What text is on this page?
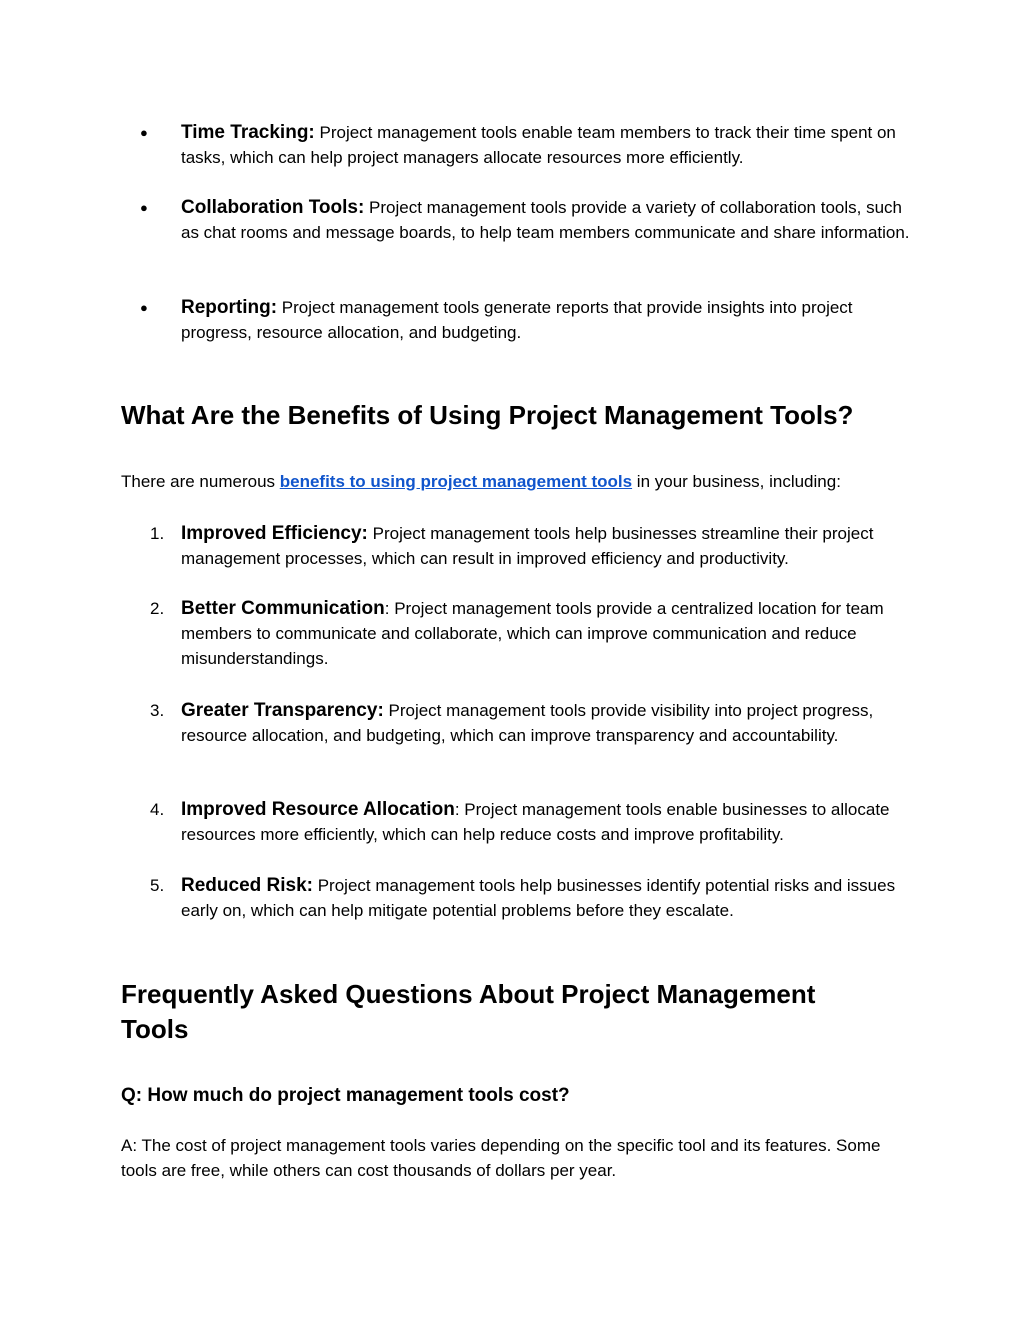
●	Time Tracking: Project management tools enable team members to track their time spent on tasks, which can help project managers allocate resources more efficiently.
●	Collaboration Tools: Project management tools provide a variety of collaboration tools, such as chat rooms and message boards, to help team members communicate and share information.
●	Reporting: Project management tools generate reports that provide insights into project progress, resource allocation, and budgeting.
What Are the Benefits of Using Project Management Tools?

There are numerous benefits to using project management tools in your business, including:

1. Improved Efficiency: Project management tools help businesses streamline their project management processes, which can result in improved efficiency and productivity.
2. Better Communication: Project management tools provide a centralized location for team members to communicate and collaborate, which can improve communication and reduce misunderstandings.
3. Greater Transparency: Project management tools provide visibility into project progress, resource allocation, and budgeting, which can improve transparency and accountability.
4. Improved Resource Allocation: Project management tools enable businesses to allocate resources more efficiently, which can help reduce costs and improve profitability.
5. Reduced Risk: Project management tools help businesses identify potential risks and issues early on, which can help mitigate potential problems before they escalate.
Frequently Asked Questions About Project Management Tools

Q: How much do project management tools cost?

A: The cost of project management tools varies depending on the specific tool and its features. Some tools are free, while others can cost thousands of dollars per year.
